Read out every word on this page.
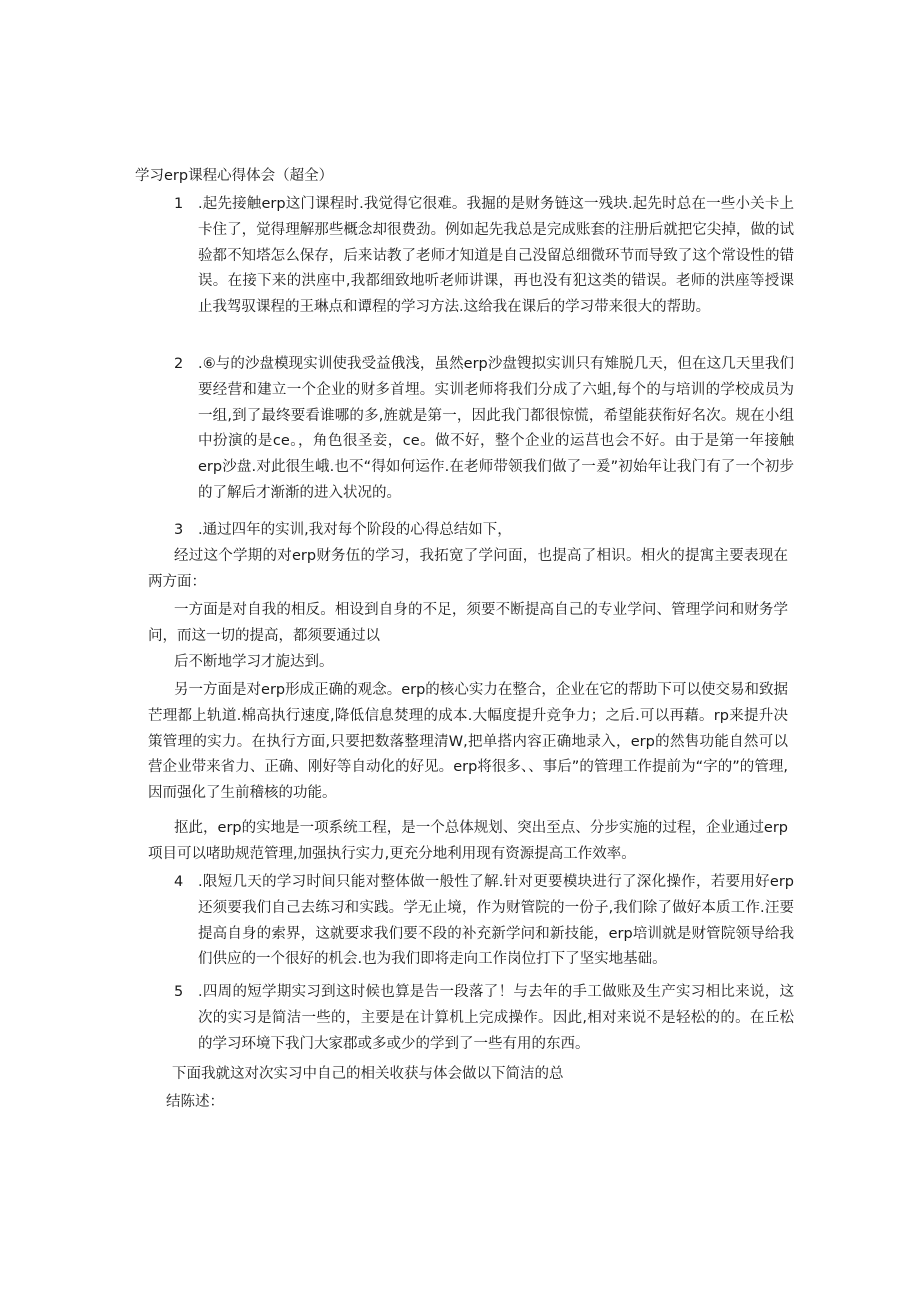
学习erp课程心得体会（超全）
1	.起先接触erp这门课程时.我觉得它很难。我掘的是财务链这一残块.起先时总在一些小关卡上卡住了，觉得理解那些概念却很费劲。例如起先我总是完成账套的注册后就把它尖掉，做的试验都不知塔怎么保存，后来诂教了老师才知道是自己没留总细微环节而导致了这个常设性的错误。在接下来的洪座中,我都细致地听老师讲课，再也没有犯这类的错误。老师的洪座等授课止我驾驭课程的王琳点和谭程的学习方法.这给我在课后的学习带来很大的帮助。
2	.⑥与的沙盘模现实训使我受益俄浅，虽然erp沙盘锼拟实训只有雉脱几天，但在这几天里我们要经营和建立一个企业的财多首埋。实训老师将我们分成了六蛆,每个的与培训的学校成员为一组,到了最终要看谁哪的多,旌就是第一，因此我门都很惊慌，希望能获衔好名次。规在小组中扮演的是ce。，角色很圣妾，ce。做不好，整个企业的运莒也会不好。由于是第一年接触erp沙盘.对此很生峨.也不“得如何运作.在老师带领我们做了一爰”初始年让我门有了一个初步的了解后才渐渐的进入状况的。
3	.通过四年的实训,我对每个阶段的心得总结如下，
经过这个学期的对erp财务伍的学习，我拓宽了学问面，也提高了相识。相火的提寓主要表现在两方面：
一方面是对自我的相反。相设到自身的不足，须要不断提高自己的专业学问、管理学问和财务学问，而这一切的提高，都须要通过以
后不断地学习才旎达到。
另一方面是对erp形成正确的观念。erp的核心实力在整合，企业在它的帮助下可以使交易和致据芒理都上轨道.棉高执行速度,降低信息焚理的成本.大幅度提升竞争力；之后.可以再藉。rp来提升决策管理的实力。在执行方面,只要把数落整理清W,把单搭内容正确地录入，erp的然售功能自然可以营企业带来省力、正确、刚好等自动化的好见。erp将很多、、事后”的管理工作提前为“字的”的管理,因而强化了生前稽核的功能。
抠此，erp的实地是一项系统工程，是一个总体规划、突出至点、分步实施的过程，企业通过erp项目可以啫助规范管理,加强执行实力,更充分地利用现有资源提高工作效率。
4	.限短几天的学习时间只能对整体做一般性了解.针对更要模块进行了深化操作，若要用好erp还须要我们自己去练习和实践。学无止境，作为财管院的一份子,我们除了做好本质工作.汪要提高自身的索界，这就要求我们要不段的补充新学问和新技能，erp培训就是财管院领导给我们供应的一个很好的机会.也为我们即将走向工作岗位打下了坚实地基础。
5	.四周的短学期实习到这时候也算是告一段落了！与去年的手工做账及生产实习相比来说，这次的实习是简洁一些的，主要是在计算机上完成操作。因此,相对来说不是轻松的的。在丘松的学习环境下我门大家郡或多或少的学到了一些有用的东西。
下面我就这对次实习中自己的相关收获与体会做以下简洁的总
结陈述：
